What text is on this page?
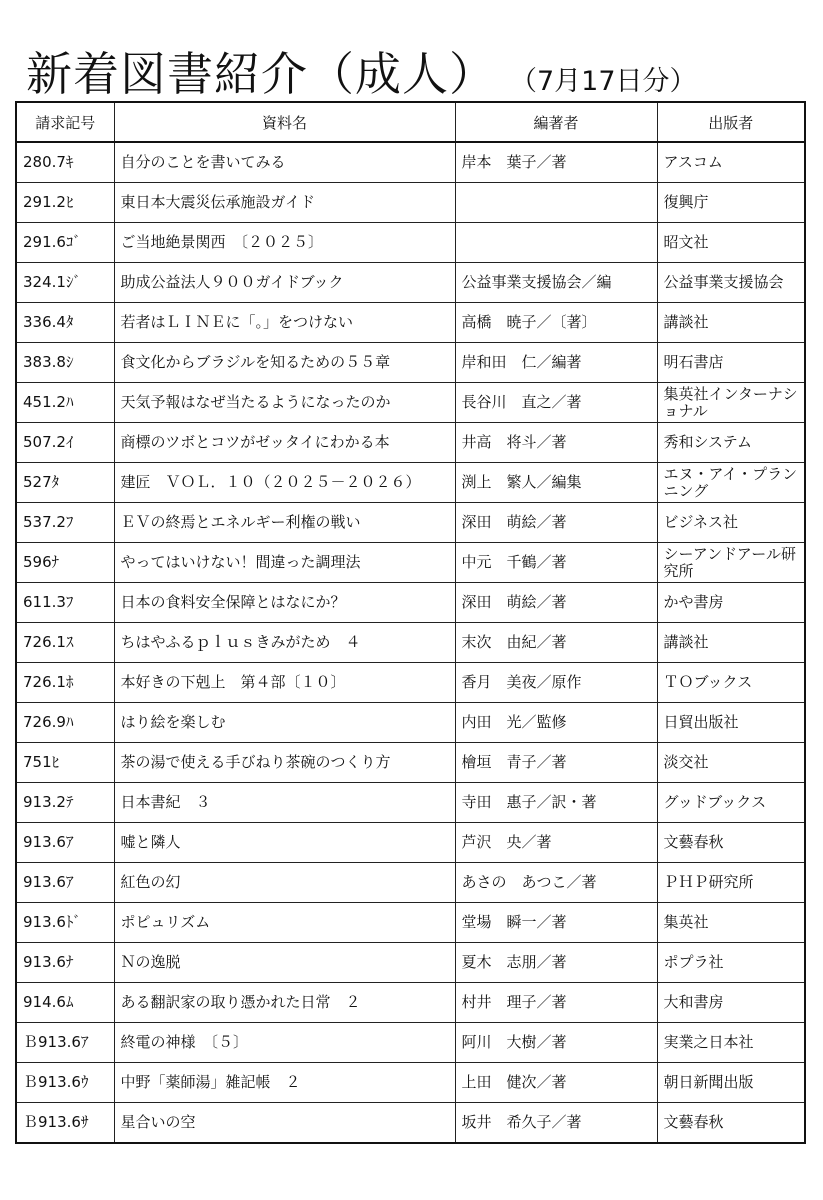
新着図書紹介（成人） （7月17日分）
請求記号	資料名	編著者	出版者
280.7ｷ	自分のことを書いてみる	岸本　葉子／著	アスコム
291.2ﾋ	東日本大震災伝承施設ガイド		復興庁
291.6ｺﾞ	ご当地絶景関西　〔２０２５〕		昭文社
324.1ｼﾞ	助成公益法人９００ガイドブック	公益事業支援協会／編	公益事業支援協会
336.4ﾀ	若者はＬＩＮＥに「。」をつけない	高橋　暁子／〔著〕	講談社
383.8ｼ	食文化からブラジルを知るための５５章	岸和田　仁／編著	明石書店
451.2ﾊ	天気予報はなぜ当たるようになったのか	長谷川　直之／著	集英社インターナショナル
507.2ｲ	商標のツボとコツがゼッタイにわかる本	井高　将斗／著	秀和システム
527ﾀ	建匠　ＶＯＬ．１０（２０２５－２０２６）	渕上　繁人／編集	エヌ・アイ・プランニング
537.2ﾌ	ＥＶの終焉とエネルギー利権の戦い	深田　萌絵／著	ビジネス社
596ﾅ	やってはいけない！間違った調理法	中元　千鶴／著	シーアンドアール研究所
611.3ﾌ	日本の食料安全保障とはなにか？	深田　萌絵／著	かや書房
726.1ｽ	ちはやふるｐｌｕｓきみがため　４	末次　由紀／著	講談社
726.1ﾎ	本好きの下剋上　第４部〔１０〕	香月　美夜／原作	ＴＯブックス
726.9ﾊ	はり絵を楽しむ	内田　光／監修	日貿出版社
751ﾋ	茶の湯で使える手びねり茶碗のつくり方	檜垣　青子／著	淡交社
913.2ﾃ	日本書紀　３	寺田　惠子／訳・著	グッドブックス
913.6ｱ	嘘と隣人	芦沢　央／著	文藝春秋
913.6ｱ	紅色の幻	あさの　あつこ／著	ＰＨＰ研究所
913.6ﾄﾞ	ポピュリズム	堂場　瞬一／著	集英社
913.6ﾅ	Ｎの逸脱	夏木　志朋／著	ポプラ社
914.6ﾑ	ある翻訳家の取り憑かれた日常　２	村井　理子／著	大和書房
Ｂ913.6ｱ	終電の神様　〔５〕	阿川　大樹／著	実業之日本社
Ｂ913.6ｳ	中野「薬師湯」雑記帳　２	上田　健次／著	朝日新聞出版
Ｂ913.6ｻ	星合いの空	坂井　希久子／著	文藝春秋
